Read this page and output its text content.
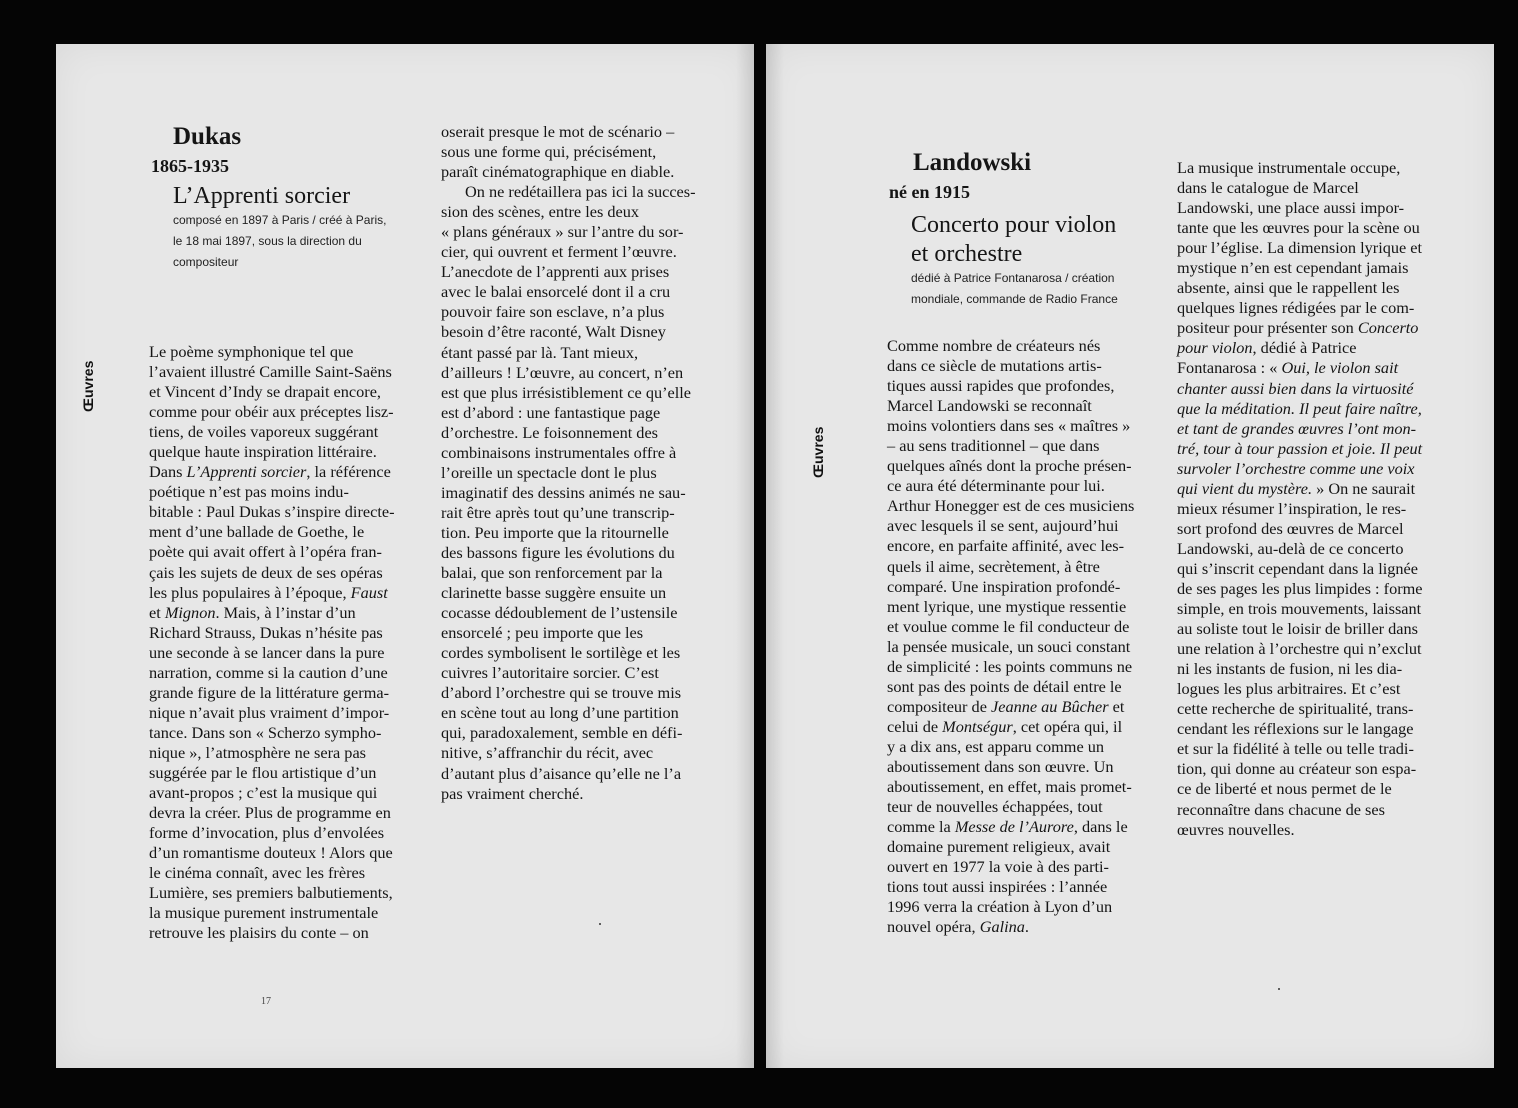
Œuvres
Dukas
1865-1935
L’Apprenti sorcier
composé en 1897 à Paris / créé à Paris,
le 18 mai 1897, sous la direction du
compositeur

Le poème symphonique tel que
l’avaient illustré Camille Saint-Saëns
et Vincent d’Indy se drapait encore,
comme pour obéir aux préceptes lisz-
tiens, de voiles vaporeux suggérant
quelque haute inspiration littéraire.
Dans L’Apprenti sorcier, la référence
poétique n’est pas moins indu-
bitable : Paul Dukas s’inspire directe-
ment d’une ballade de Goethe, le
poète qui avait offert à l’opéra fran-
çais les sujets de deux de ses opéras
les plus populaires à l’époque, Faust
et Mignon. Mais, à l’instar d’un
Richard Strauss, Dukas n’hésite pas
une seconde à se lancer dans la pure
narration, comme si la caution d’une
grande figure de la littérature germa-
nique n’avait plus vraiment d’impor-
tance. Dans son « Scherzo sympho-
nique », l’atmosphère ne sera pas
suggérée par le flou artistique d’un
avant-propos ; c’est la musique qui
devra la créer. Plus de programme en
forme d’invocation, plus d’envolées
d’un romantisme douteux ! Alors que
le cinéma connaît, avec les frères
Lumière, ses premiers balbutiements,
la musique purement instrumentale
retrouve les plaisirs du conte – on

oserait presque le mot de scénario –
sous une forme qui, précisément,
paraît cinématographique en diable.

On ne redétaillera pas ici la succes-
sion des scènes, entre les deux
« plans généraux » sur l’antre du sor-
cier, qui ouvrent et ferment l’œuvre.
L’anecdote de l’apprenti aux prises
avec le balai ensorcelé dont il a cru
pouvoir faire son esclave, n’a plus
besoin d’être raconté, Walt Disney
étant passé par là. Tant mieux,
d’ailleurs ! L’œuvre, au concert, n’en
est que plus irrésistiblement ce qu’elle
est d’abord : une fantastique page
d’orchestre. Le foisonnement des
combinaisons instrumentales offre à
l’oreille un spectacle dont le plus
imaginatif des dessins animés ne sau-
rait être après tout qu’une transcrip-
tion. Peu importe que la ritournelle
des bassons figure les évolutions du
balai, que son renforcement par la
clarinette basse suggère ensuite un
cocasse dédoublement de l’ustensile
ensorcelé ; peu importe que les
cordes symbolisent le sortilège et les
cuivres l’autoritaire sorcier. C’est
d’abord l’orchestre qui se trouve mis
en scène tout au long d’une partition
qui, paradoxalement, semble en défi-
nitive, s’affranchir du récit, avec
d’autant plus d’aisance qu’elle ne l’a
pas vraiment cherché.

17
Œuvres
Landowski
né en 1915
Concerto pour violon
et orchestre
dédié à Patrice Fontanarosa / création
mondiale, commande de Radio France

Comme nombre de créateurs nés
dans ce siècle de mutations artis-
tiques aussi rapides que profondes,
Marcel Landowski se reconnaît
moins volontiers dans ses « maîtres »
– au sens traditionnel – que dans
quelques aînés dont la proche présen-
ce aura été déterminante pour lui.
Arthur Honegger est de ces musiciens
avec lesquels il se sent, aujourd’hui
encore, en parfaite affinité, avec les-
quels il aime, secrètement, à être
comparé. Une inspiration profondé-
ment lyrique, une mystique ressentie
et voulue comme le fil conducteur de
la pensée musicale, un souci constant
de simplicité : les points communs ne
sont pas des points de détail entre le
compositeur de Jeanne au Bûcher et
celui de Montségur, cet opéra qui, il
y a dix ans, est apparu comme un
aboutissement dans son œuvre. Un
aboutissement, en effet, mais promet-
teur de nouvelles échappées, tout
comme la Messe de l’Aurore, dans le
domaine purement religieux, avait
ouvert en 1977 la voie à des parti-
tions tout aussi inspirées : l’année
1996 verra la création à Lyon d’un
nouvel opéra, Galina.

La musique instrumentale occupe,
dans le catalogue de Marcel
Landowski, une place aussi impor-
tante que les œuvres pour la scène ou
pour l’église. La dimension lyrique et
mystique n’en est cependant jamais
absente, ainsi que le rappellent les
quelques lignes rédigées par le com-
positeur pour présenter son Concerto
pour violon, dédié à Patrice
Fontanarosa : « Oui, le violon sait
chanter aussi bien dans la virtuosité
que la méditation. Il peut faire naître,
et tant de grandes œuvres l’ont mon-
tré, tour à tour passion et joie. Il peut
survoler l’orchestre comme une voix
qui vient du mystère. » On ne saurait
mieux résumer l’inspiration, le res-
sort profond des œuvres de Marcel
Landowski, au-delà de ce concerto
qui s’inscrit cependant dans la lignée
de ses pages les plus limpides : forme
simple, en trois mouvements, laissant
au soliste tout le loisir de briller dans
une relation à l’orchestre qui n’exclut
ni les instants de fusion, ni les dia-
logues les plus arbitraires. Et c’est
cette recherche de spiritualité, trans-
cendant les réflexions sur le langage
et sur la fidélité à telle ou telle tradi-
tion, qui donne au créateur son espa-
ce de liberté et nous permet de le
reconnaître dans chacune de ses
œuvres nouvelles.
